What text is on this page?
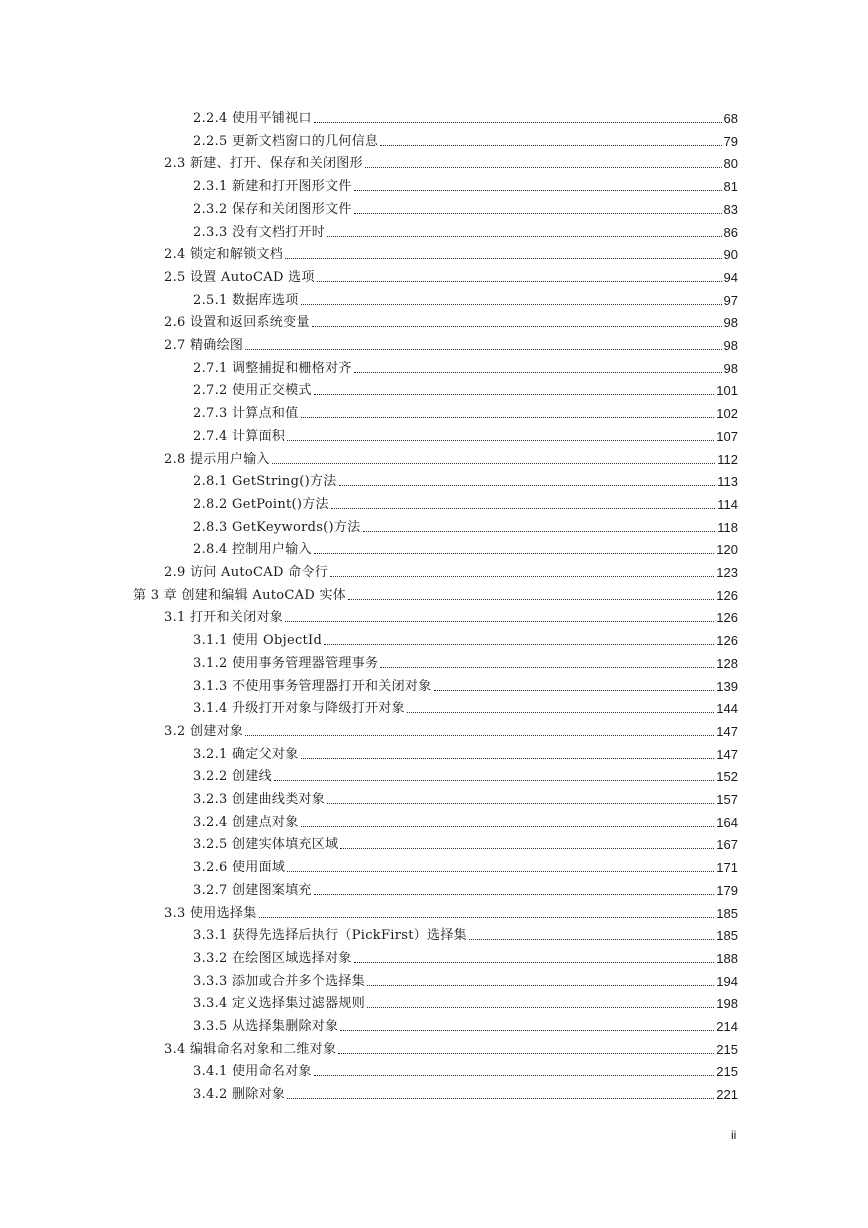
2.2.4 使用平铺视口	68
2.2.5 更新文档窗口的几何信息	79
2.3 新建、打开、保存和关闭图形	80
2.3.1 新建和打开图形文件	81
2.3.2 保存和关闭图形文件	83
2.3.3 没有文档打开时	86
2.4 锁定和解锁文档	90
2.5 设置 AutoCAD 选项	94
2.5.1 数据库选项	97
2.6 设置和返回系统变量	98
2.7 精确绘图	98
2.7.1 调整捕捉和栅格对齐	98
2.7.2 使用正交模式	101
2.7.3 计算点和值	102
2.7.4 计算面积	107
2.8 提示用户输入	112
2.8.1 GetString()方法	113
2.8.2 GetPoint()方法	114
2.8.3 GetKeywords()方法	118
2.8.4 控制用户输入	120
2.9 访问 AutoCAD 命令行	123
第 3 章 创建和编辑 AutoCAD 实体	126
3.1 打开和关闭对象	126
3.1.1 使用 ObjectId	126
3.1.2 使用事务管理器管理事务	128
3.1.3 不使用事务管理器打开和关闭对象	139
3.1.4 升级打开对象与降级打开对象	144
3.2 创建对象	147
3.2.1 确定父对象	147
3.2.2 创建线	152
3.2.3 创建曲线类对象	157
3.2.4 创建点对象	164
3.2.5 创建实体填充区域	167
3.2.6 使用面域	171
3.2.7 创建图案填充	179
3.3 使用选择集	185
3.3.1 获得先选择后执行（PickFirst）选择集	185
3.3.2 在绘图区域选择对象	188
3.3.3 添加或合并多个选择集	194
3.3.4 定义选择集过滤器规则	198
3.3.5 从选择集删除对象	214
3.4 编辑命名对象和二维对象	215
3.4.1 使用命名对象	215
3.4.2 删除对象	221
ii
